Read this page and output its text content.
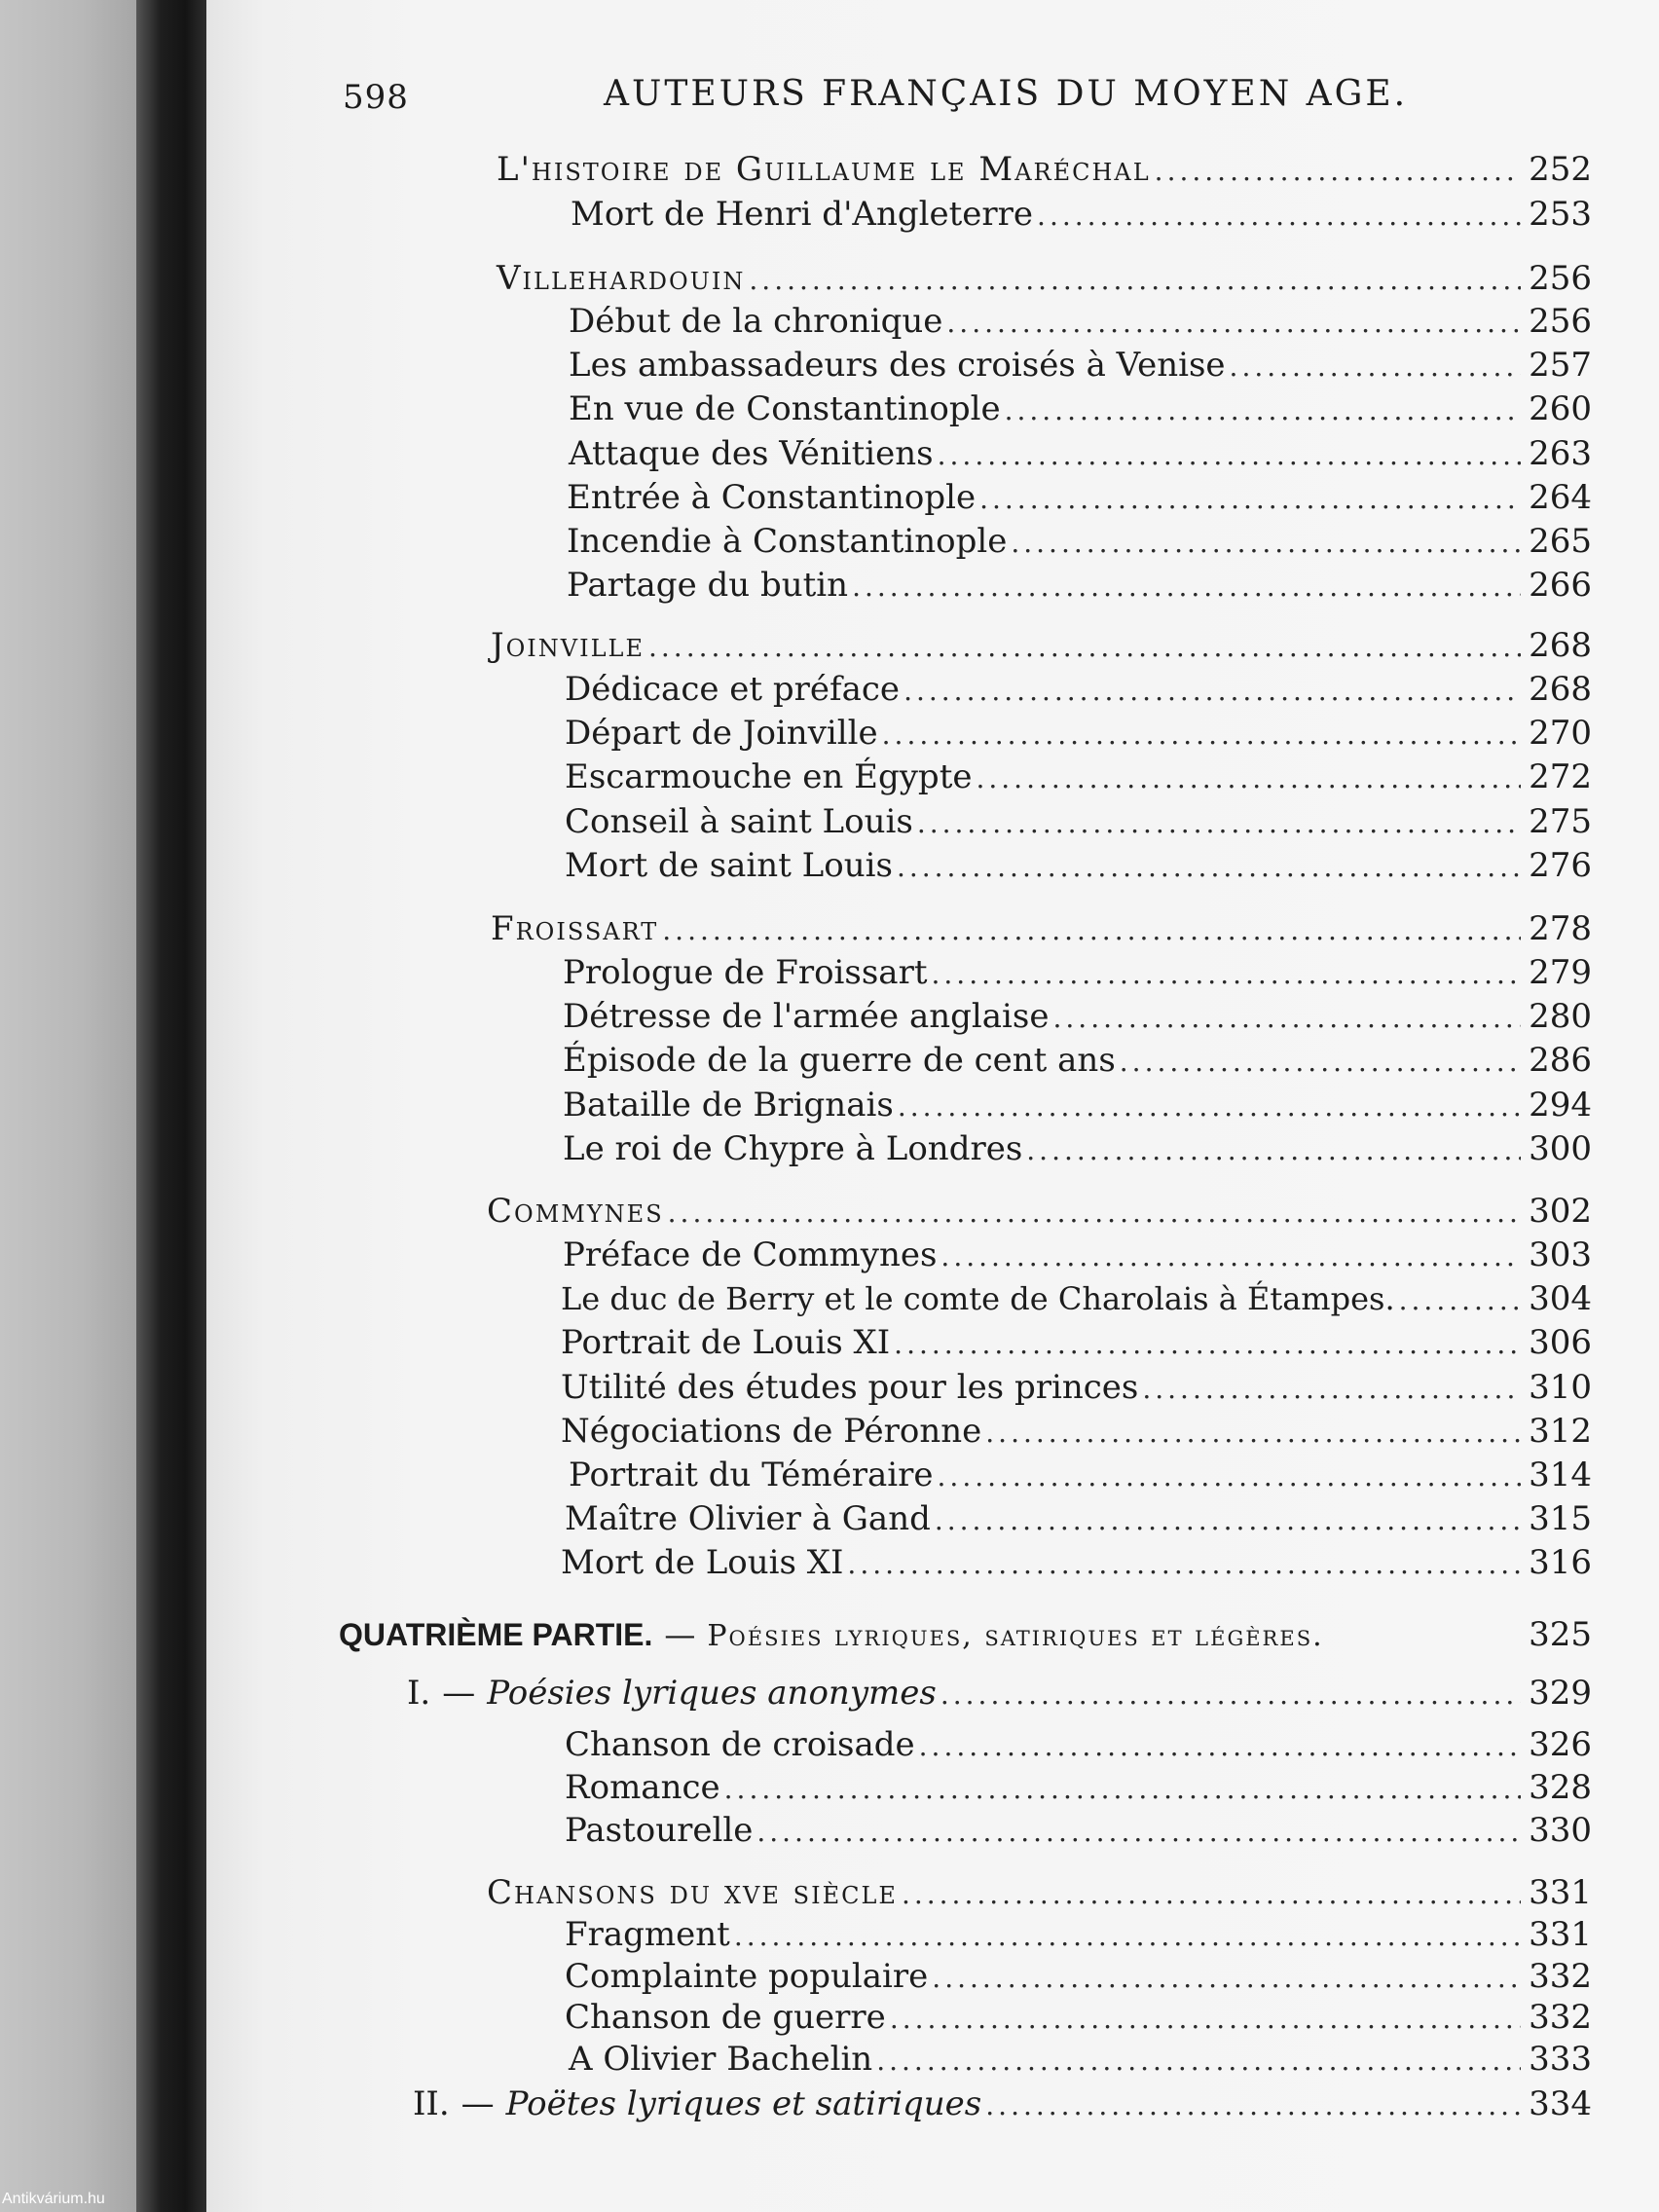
598	AUTEURS FRANÇAIS DU MOYEN AGE.
L'histoire de Guillaume le Maréchal .....	252
Mort de Henri d'Angleterre .....	253
Villehardouin .....	256
Début de la chronique .....	256
Les ambassadeurs des croisés à Venise .....	257
En vue de Constantinople .....	260
Attaque des Vénitiens .....	263
Entrée à Constantinople .....	264
Incendie à Constantinople .....	265
Partage du butin .....	266
Joinville .....	268
Dédicace et préface .....	268
Départ de Joinville .....	270
Escarmouche en Égypte .....	272
Conseil à saint Louis .....	275
Mort de saint Louis .....	276
Froissart .....	278
Prologue de Froissart .....	279
Détresse de l'armée anglaise .....	280
Épisode de la guerre de cent ans .....	286
Bataille de Brignais .....	294
Le roi de Chypre à Londres .....	300
Commynes .....	302
Préface de Commynes .....	303
Le duc de Berry et le comte de Charolais à Étampes. .....	304
Portrait de Louis XI .....	306
Utilité des études pour les princes .....	310
Négociations de Péronne .....	312
Portrait du Téméraire .....	314
Maître Olivier à Gand .....	315
Mort de Louis XI .....	316
QUATRIÈME PARTIE. — Poésies lyriques, satiriques et légères.	325
I. — Poésies lyriques anonymes .....	329
Chanson de croisade .....	326
Romance .....	328
Pastourelle .....	330
Chansons du xve siècle .....	331
Fragment .....	331
Complainte populaire .....	332
Chanson de guerre .....	332
A Olivier Bachelin .....	333
II. — Poëtes lyriques et satiriques .....	334
Antikvárium.hu
